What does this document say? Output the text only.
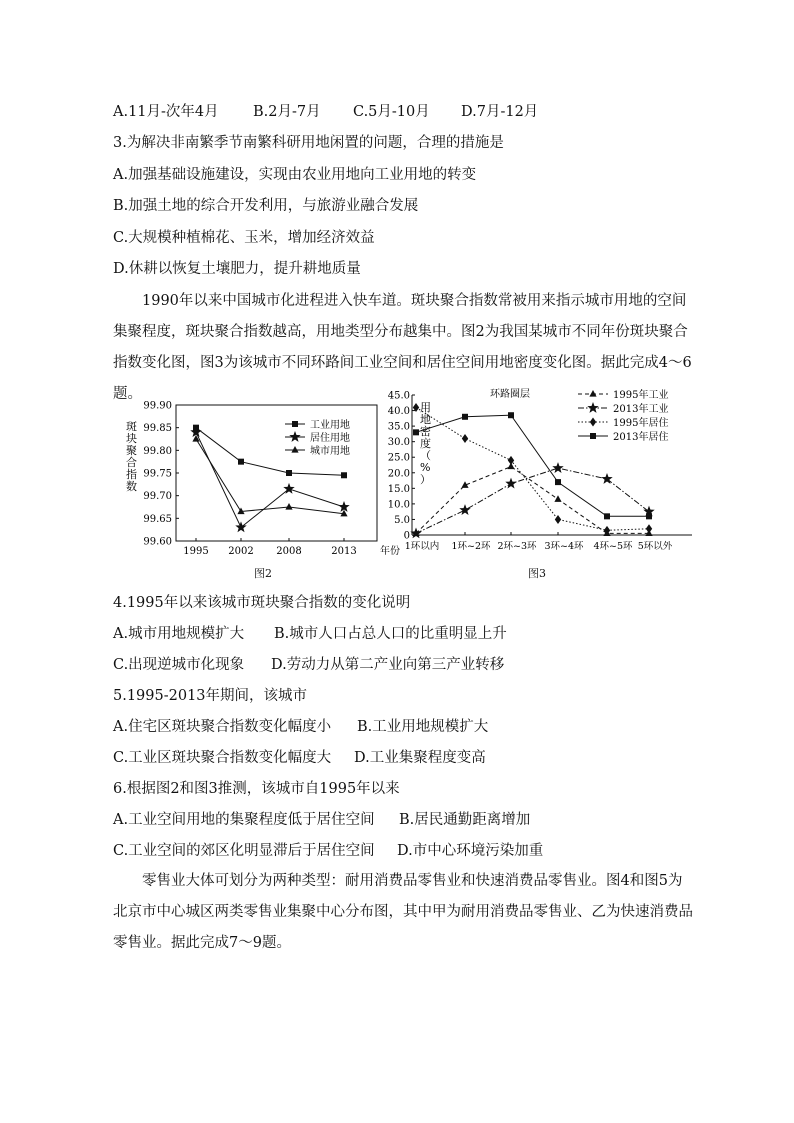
A.11月-次年4月 B.2月-7月 C.5月-10月 D.7月-12月
3.为解决非南繁季节南繁科研用地闲置的问题，合理的措施是
A.加强基础设施建设，实现由农业用地向工业用地的转变
B.加强土地的综合开发利用，与旅游业融合发展
C.大规模种植棉花、玉米，增加经济效益
D.休耕以恢复土壤肥力，提升耕地质量
1990年以来中国城市化进程进入快车道。斑块聚合指数常被用来指示城市用地的空间集聚程度，斑块聚合指数越高，用地类型分布越集中。图2为我国某城市不同年份斑块聚合指数变化图，图3为该城市不同环路间工业空间和居住空间用地密度变化图。据此完成4～6题。
99.90
99.85
99.80
99.75
99.70
99.65
99.60
1995 2002 2008	2013
工业用地
居住用地
城市用地
斑块聚合指数
年份
图2
45.0
40.0
35.0
30.0
25.0
20.0
15.0
10.0
5.0
0
1环以内 1环~2环 2环~3环 3环~4环 4环~5环 5环以外
1995年工业
2013年工业
1995年居住
2013年居住
环路圈层
用地密度（%）
图3
4.1995年以来该城市斑块聚合指数的变化说明
A.城市用地规模扩大 B.城市人口占总人口的比重明显上升
C.出现逆城市化现象 D.劳动力从第二产业向第三产业转移
5.1995-2013年期间，该城市
A.住宅区斑块聚合指数变化幅度小 B.工业用地规模扩大
C.工业区斑块聚合指数变化幅度大 D.工业集聚程度变高
6.根据图2和图3推测，该城市自1995年以来
A.工业空间用地的集聚程度低于居住空间 B.居民通勤距离增加
C.工业空间的郊区化明显滞后于居住空间 D.市中心环境污染加重
零售业大体可划分为两种类型：耐用消费品零售业和快速消费品零售业。图4和图5为北京市中心城区两类零售业集聚中心分布图，其中甲为耐用消费品零售业、乙为快速消费品零售业。据此完成7～9题。
